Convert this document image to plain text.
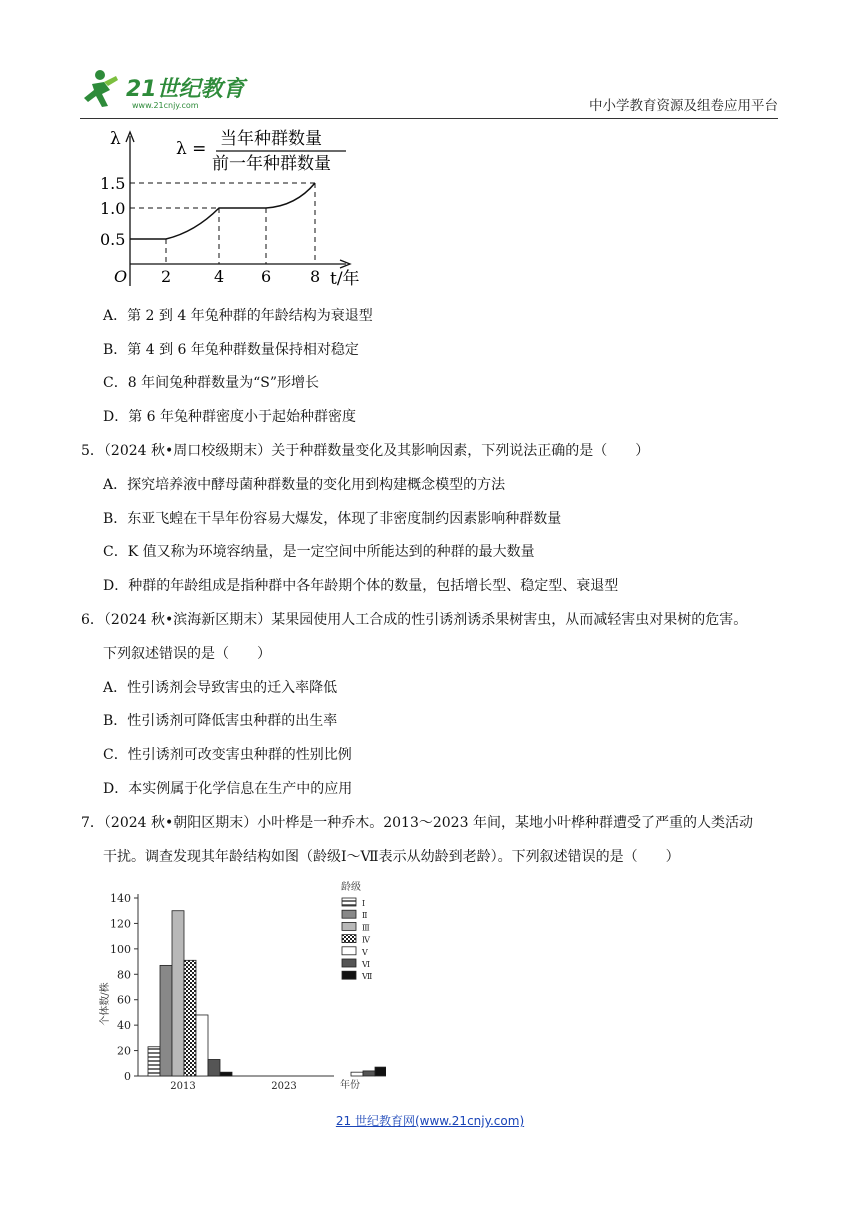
21世纪教育
www.21cnjy.com	中小学教育资源及组卷应用平台
λ	λ = 当年种群数量
前一年种群数量
0.5
1.0
1.5
O 2	4 6 8 t/年
A．第 2 到 4 年兔种群的年龄结构为衰退型
B．第 4 到 6 年兔种群数量保持相对稳定
C．8 年间兔种群数量为“S”形增长
D．第 6 年兔种群密度小于起始种群密度
5．（2024 秋•周口校级期末）关于种群数量变化及其影响因素，下列说法正确的是（　　）
A．探究培养液中酵母菌种群数量的变化用到构建概念模型的方法
B．东亚飞蝗在干旱年份容易大爆发，体现了非密度制约因素影响种群数量
C．K 值又称为环境容纳量，是一定空间中所能达到的种群的最大数量
D．种群的年龄组成是指种群中各年龄期个体的数量，包括增长型、稳定型、衰退型
6．（2024 秋•滨海新区期末）某果园使用人工合成的性引诱剂诱杀果树害虫，从而减轻害虫对果树的危害。
下列叙述错误的是（　　）
A．性引诱剂会导致害虫的迁入率降低
B．性引诱剂可降低害虫种群的出生率
C．性引诱剂可改变害虫种群的性别比例
D．本实例属于化学信息在生产中的应用
7．（2024 秋•朝阳区期末）小叶桦是一种乔木。2013～2023 年间，某地小叶桦种群遭受了严重的人类活动
干扰。调查发现其年龄结构如图（龄级Ⅰ～Ⅶ表示从幼龄到老龄）。下列叙述错误的是（　　）
0
20
40
60
80
100
120
140
2013	2023
Ⅰ
Ⅱ
Ⅲ
Ⅳ
Ⅴ
Ⅵ
Ⅶ
个体数/株
年份
龄级
21 世纪教育网(www.21cnjy.com)
